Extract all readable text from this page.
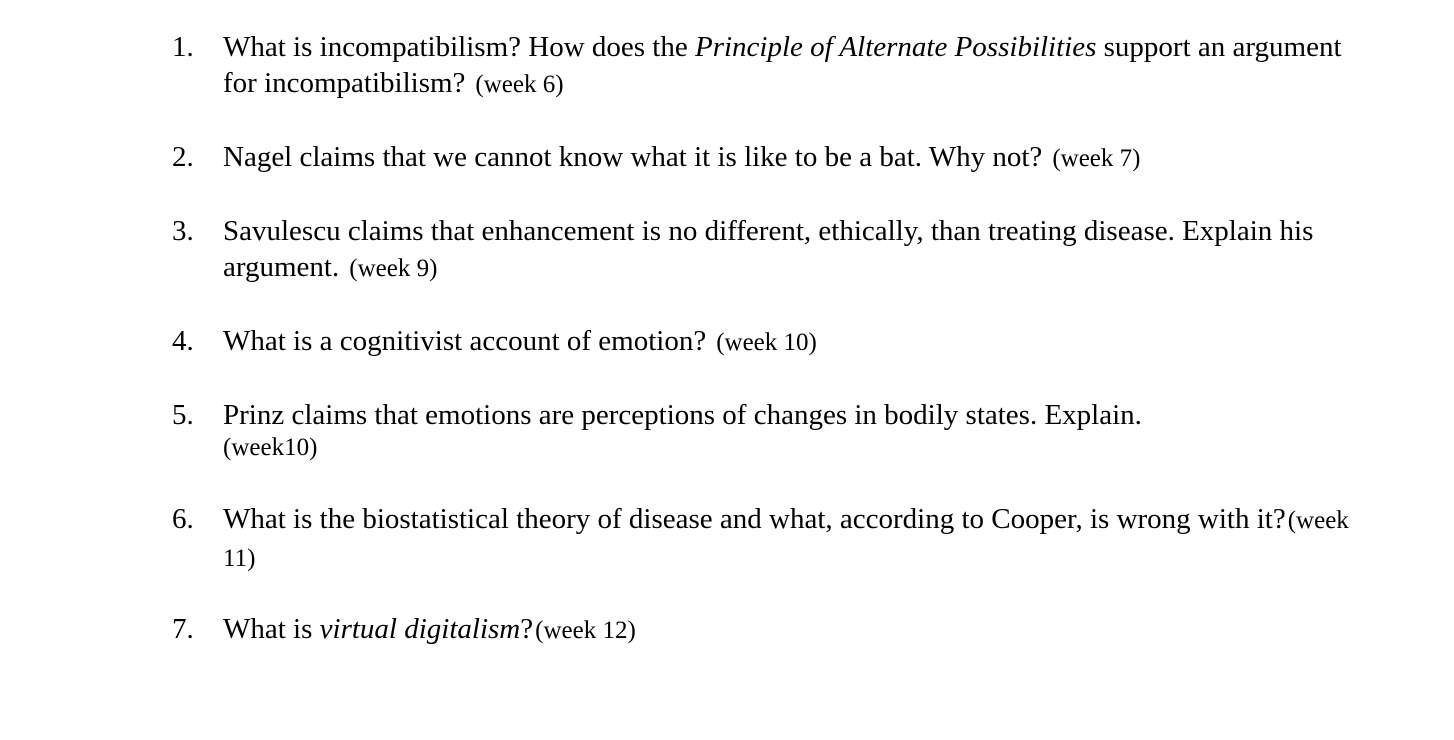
1.	What is incompatibilism? How does the Principle of Alternate Possibilities support an argument for incompatibilism? (week 6)
2.	Nagel claims that we cannot know what it is like to be a bat. Why not? (week 7)
3.	Savulescu claims that enhancement is no different, ethically, than treating disease. Explain his argument. (week 9)
4.	What is a cognitivist account of emotion? (week 10)
5.	Prinz claims that emotions are perceptions of changes in bodily states. Explain.
(week10)
6.	What is the biostatistical theory of disease and what, according to Cooper, is wrong with it?(week 11)
7.	What is virtual digitalism?(week 12)
